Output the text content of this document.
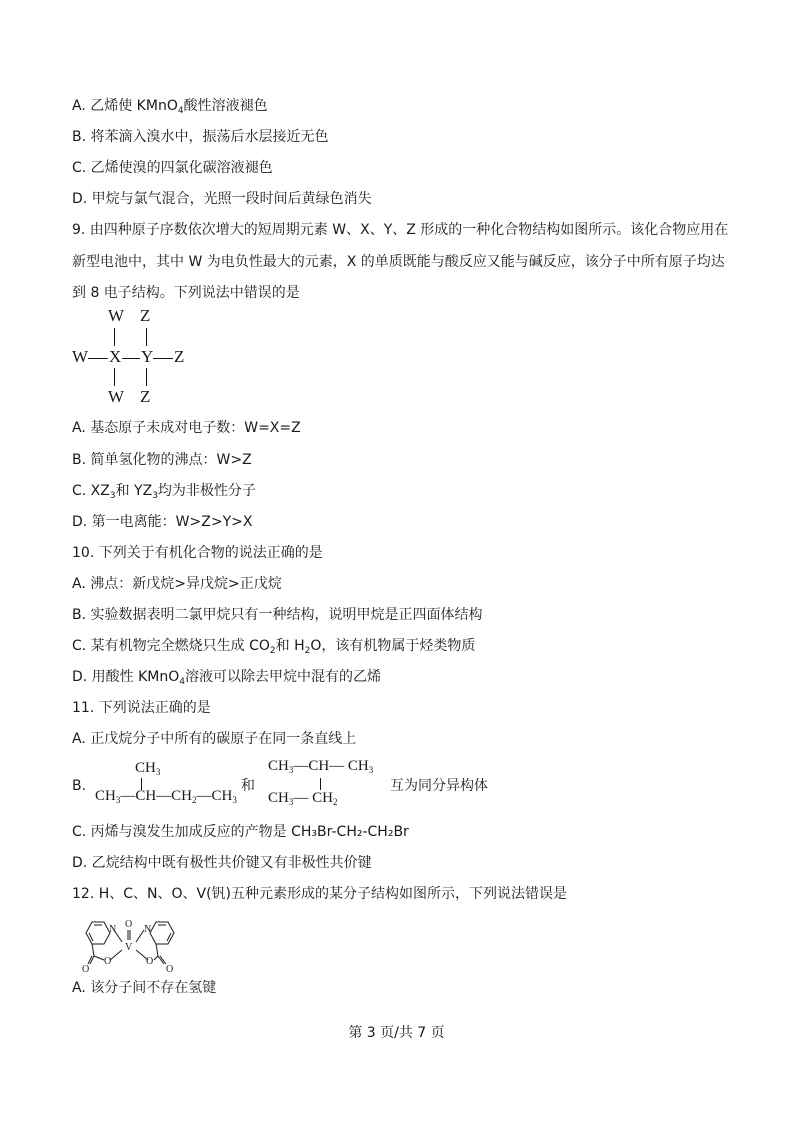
A. 乙烯使 KMnO$_4$酸性溶液褪色
B. 将苯滴入溴水中，振荡后水层接近无色
C. 乙烯使溴的四氯化碳溶液褪色
D. 甲烷与氯气混合，光照一段时间后黄绿色消失
9. 由四种原子序数依次增大的短周期元素 W、X、Y、Z 形成的一种化合物结构如图所示。该化合物应用在
新型电池中，其中 W 为电负性最大的元素，X 的单质既能与酸反应又能与碱反应，该分子中所有原子均达
到 8 电子结构。下列说法中错误的是
W Z
W X Y Z
W Z
A. 基态原子未成对电子数：W=X=Z
B. 简单氢化物的沸点：W>Z
C. $XZ_3$和 $YZ_3$均为非极性分子
D. 第一电离能：W>Z>Y>X
10. 下列关于有机化合物的说法正确的是
A. 沸点：新戊烷>异戊烷>正戊烷
B. 实验数据表明二氯甲烷只有一种结构，说明甲烷是正四面体结构
C. 某有机物完全燃烧只生成 $CO_2$和 $H_2O$，该有机物属于烃类物质
D. 用酸性 KMnO$_4$溶液可以除去甲烷中混有的乙烯
11. 下列说法正确的是
A. 正戊烷分子中所有的碳原子在同一条直线上
B.
$CH_3$
$CH_3—CH—CH_2—CH_3$
和
$CH_3—CH—$ $CH_3$
$CH_3—$ $CH_2$
互为同分异构体
C. 丙烯与溴发生加成反应的产物是 CH₃Br-CH₂-CH₂Br
D. 乙烷结构中既有极性共价键又有非极性共价键
12. H、C、N、O、V(钒)五种元素形成的某分子结构如图所示，下列说法错误是
N	N
V
O
O
O
O
O
A. 该分子间不存在氢键
第 3 页/共 7 页
